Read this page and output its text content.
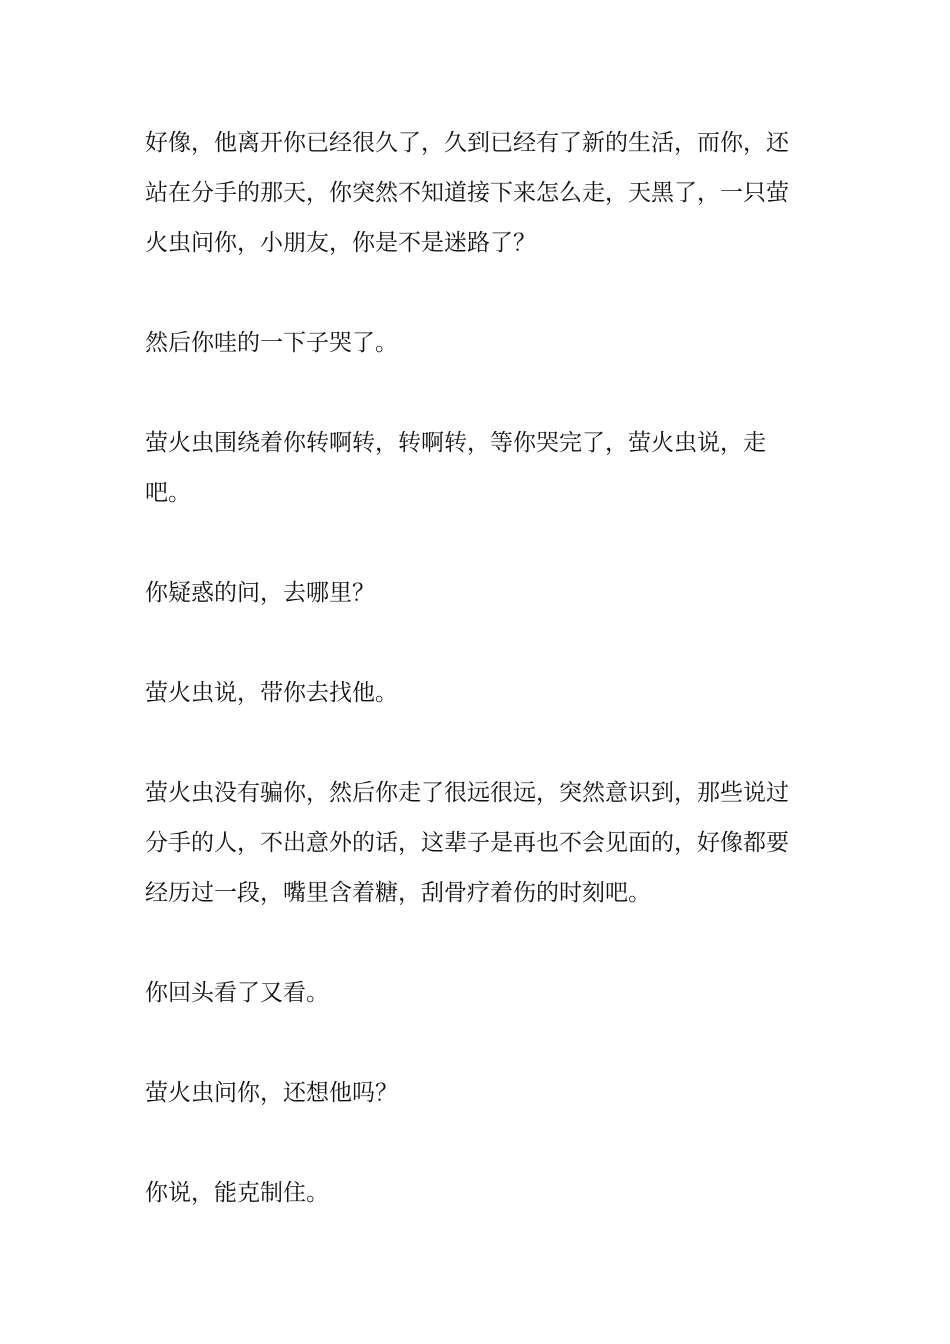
好像，他离开你已经很久了，久到已经有了新的生活，而你，还站在分手的那天，你突然不知道接下来怎么走，天黑了，一只萤火虫问你，小朋友，你是不是迷路了？

然后你哇的一下子哭了。

萤火虫围绕着你转啊转，转啊转，等你哭完了，萤火虫说，走吧。

你疑惑的问，去哪里？

萤火虫说，带你去找他。

萤火虫没有骗你，然后你走了很远很远，突然意识到，那些说过分手的人，不出意外的话，这辈子是再也不会见面的，好像都要经历过一段，嘴里含着糖，刮骨疗着伤的时刻吧。

你回头看了又看。

萤火虫问你，还想他吗？

你说，能克制住。
